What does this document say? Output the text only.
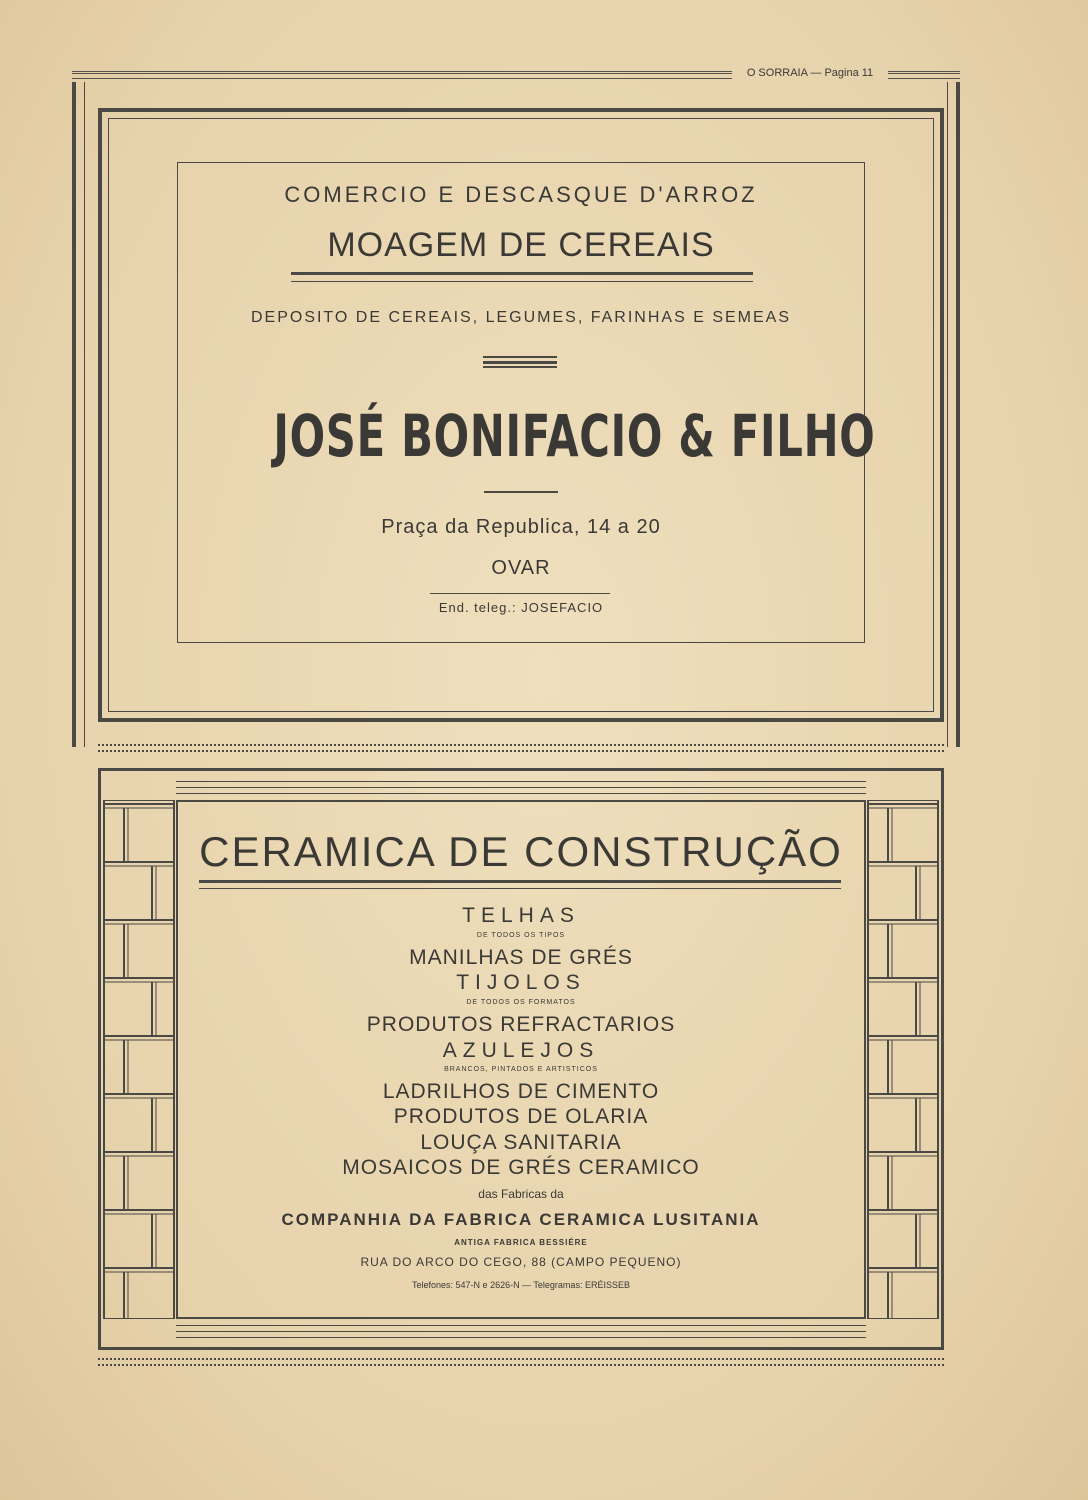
O SORRAIA — Pagina 11
COMERCIO E DESCASQUE D'ARROZ
MOAGEM DE CEREAIS
DEPOSITO DE CEREAIS, LEGUMES, FARINHAS E SEMEAS
JOSÉ BONIFACIO & FILHO
Praça da Republica, 14 a 20
OVAR
End. teleg.: JOSEFACIO
CERAMICA DE CONSTRUÇÃO
TELHAS
DE TODOS OS TIPOS
MANILHAS DE GRÉS
TIJOLOS
DE TODOS OS FORMATOS
PRODUTOS REFRACTARIOS
AZULEJOS
BRANCOS, PINTADOS E ARTISTICOS
LADRILHOS DE CIMENTO
PRODUTOS DE OLARIA
LOUÇA SANITARIA
MOSAICOS DE GRÉS CERAMICO
das Fabricas da
COMPANHIA DA FABRICA CERAMICA LUSITANIA
ANTIGA FABRICA BESSIÉRE
RUA DO ARCO DO CEGO, 88 (CAMPO PEQUENO)
Telefones: 547-N e 2626-N — Telegramas: ERÉISSEB
